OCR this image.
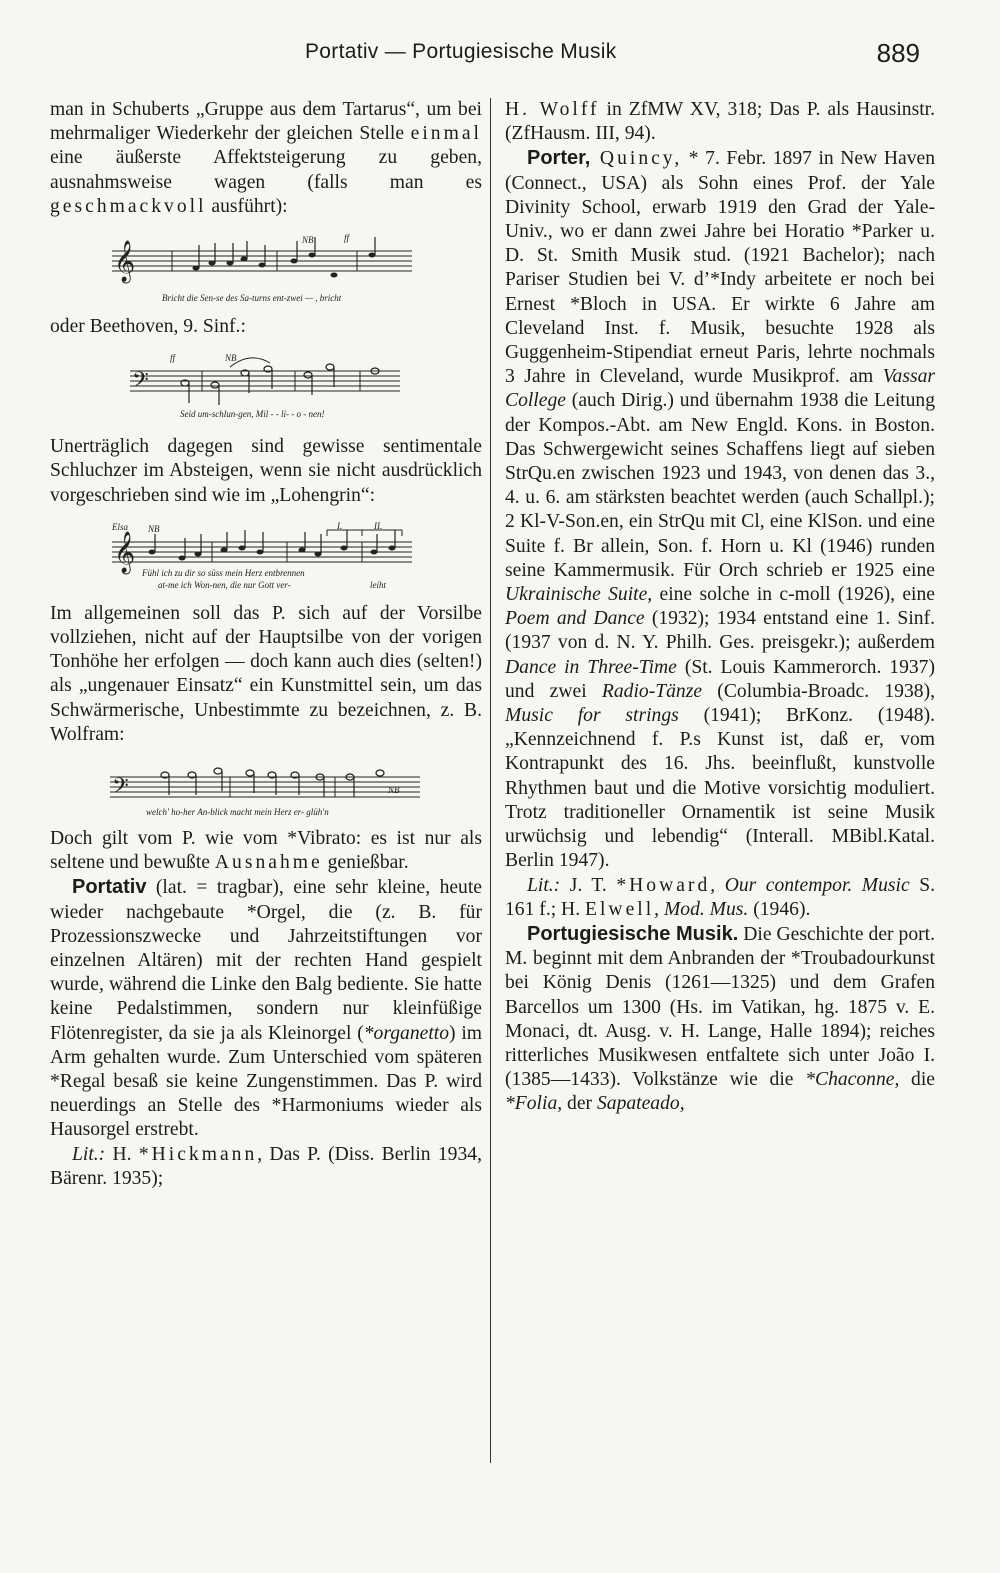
Portativ — Portugiesische Musik	889

man in Schuberts „Gruppe aus dem Tartarus“, um bei mehrmaliger Wiederkehr der gleichen Stelle einmal eine äußerste Affektsteigerung zu geben, ausnahmsweise wagen (falls man es geschmackvoll ausführt):

𝄞
NB	ff
Bricht die Sen-se des Sa-turns ent-zwei — , bricht

oder Beethoven, 9. Sinf.:

𝄢
ff	NB
Seid um-schlun-gen, Mil - - li- - o - nen!

Unerträglich dagegen sind gewisse sentimentale Schluchzer im Absteigen, wenn sie nicht ausdrücklich vorgeschrieben sind wie im „Lohengrin“:

𝄞
Elsa NB	I.	II.
Fühl ich zu dir so süss mein Herz entbrennen
at-me ich Won-nen, die nur Gott ver-	leiht

Im allgemeinen soll das P. sich auf der Vorsilbe vollziehen, nicht auf der Hauptsilbe von der vorigen Tonhöhe her erfolgen — doch kann auch dies (selten!) als „ungenauer Einsatz“ ein Kunstmittel sein, um das Schwärmerische, Unbestimmte zu bezeichnen, z. B. Wolfram:

𝄢	NB
welch' ho-her An-blick macht mein Herz er- glüh'n

Doch gilt vom P. wie vom *Vibrato: es ist nur als seltene und bewußte Ausnahme genießbar.

Portativ (lat. = tragbar), eine sehr kleine, heute wieder nachgebaute *Orgel, die (z. B. für Prozessionszwecke und Jahrzeitstiftungen vor einzelnen Altären) mit der rechten Hand gespielt wurde, während die Linke den Balg bediente. Sie hatte keine Pedalstimmen, sondern nur kleinfüßige Flötenregister, da sie ja als Kleinorgel (*organetto) im Arm gehalten wurde. Zum Unterschied vom späteren *Regal besaß sie keine Zungenstimmen. Das P. wird neuerdings an Stelle des *Harmoniums wieder als Hausorgel erstrebt.

Lit.: H. *Hickmann, Das P. (Diss. Berlin 1934, Bärenr. 1935);

H. Wolff in ZfMW XV, 318; Das P. als Hausinstr. (ZfHausm. III, 94).

Porter, Quincy, * 7. Febr. 1897 in New Haven (Connect., USA) als Sohn eines Prof. der Yale Divinity School, erwarb 1919 den Grad der Yale-Univ., wo er dann zwei Jahre bei Horatio *Parker u. D. St. Smith Musik stud. (1921 Bachelor); nach Pariser Studien bei V. d’*Indy arbeitete er noch bei Ernest *Bloch in USA. Er wirkte 6 Jahre am Cleveland Inst. f. Musik, besuchte 1928 als Guggenheim-Stipendiat erneut Paris, lehrte nochmals 3 Jahre in Cleveland, wurde Musikprof. am Vassar College (auch Dirig.) und übernahm 1938 die Leitung der Kompos.-Abt. am New Engld. Kons. in Boston. Das Schwergewicht seines Schaffens liegt auf sieben StrQu.en zwischen 1923 und 1943, von denen das 3., 4. u. 6. am stärksten beachtet werden (auch Schallpl.); 2 Kl-V-Son.en, ein StrQu mit Cl, eine KlSon. und eine Suite f. Br allein, Son. f. Horn u. Kl (1946) runden seine Kammermusik. Für Orch schrieb er 1925 eine Ukrainische Suite, eine solche in c-moll (1926), eine Poem and Dance (1932); 1934 entstand eine 1. Sinf. (1937 von d. N. Y. Philh. Ges. preisgekr.); außerdem Dance in Three-Time (St. Louis Kammerorch. 1937) und zwei Radio-Tänze (Columbia-Broadc. 1938), Music for strings (1941); BrKonz. (1948). „Kennzeichnend f. P.s Kunst ist, daß er, vom Kontrapunkt des 16. Jhs. beeinflußt, kunstvolle Rhythmen baut und die Motive vorsichtig moduliert. Trotz traditioneller Ornamentik ist seine Musik urwüchsig und lebendig“ (Interall. MBibl.Katal. Berlin 1947).

Lit.: J. T. *Howard, Our contempor. Music S. 161 f.; H. Elwell, Mod. Mus. (1946).

Portugiesische Musik. Die Geschichte der port. M. beginnt mit dem Anbranden der *Troubadourkunst bei König Denis (1261—1325) und dem Grafen Barcellos um 1300 (Hs. im Vatikan, hg. 1875 v. E. Monaci, dt. Ausg. v. H. Lange, Halle 1894); reiches ritterliches Musikwesen entfaltete sich unter João I. (1385—1433). Volkstänze wie die *Chaconne, die *Folia, der Sapateado,
